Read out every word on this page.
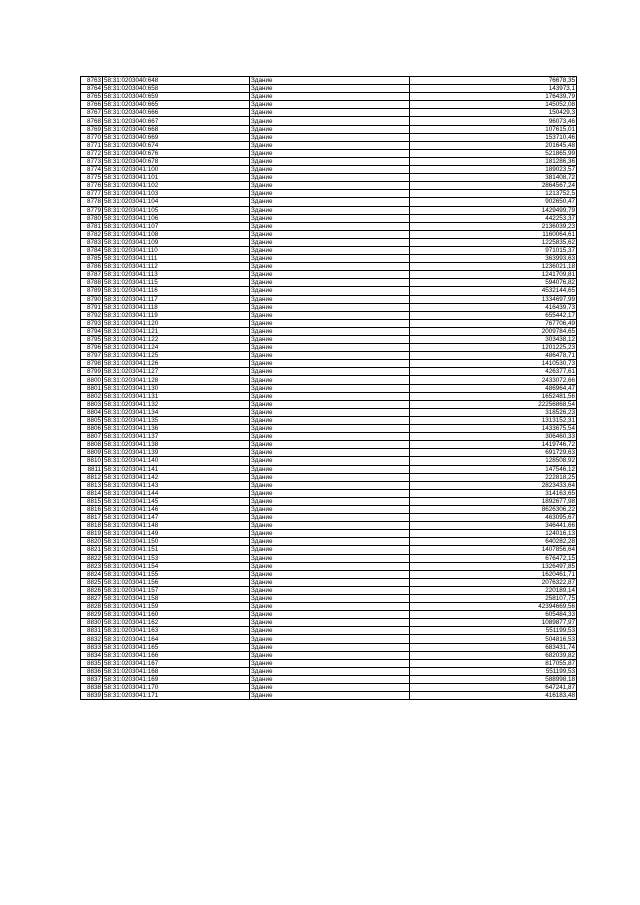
8763	58:31:0203040:648	Здание	76678,35
8764	58:31:0203040:658	Здание	143973,1
8765	58:31:0203040:659	Здание	176439,79
8766	58:31:0203040:665	Здание	145052,08
8767	58:31:0203040:666	Здание	150429,3
8768	58:31:0203040:667	Здание	96073,46
8769	58:31:0203040:668	Здание	107615,01
8770	58:31:0203040:669	Здание	153710,46
8771	58:31:0203040:674	Здание	201645,48
8772	58:31:0203040:676	Здание	521865,99
8773	58:31:0203040:678	Здание	181286,36
8774	58:31:0203041:100	Здание	189023,57
8775	58:31:0203041:101	Здание	381408,72
8776	58:31:0203041:102	Здание	2864567,24
8777	58:31:0203041:103	Здание	1213752,5
8778	58:31:0203041:104	Здание	902650,47
8779	58:31:0203041:105	Здание	1429499,79
8780	58:31:0203041:106	Здание	442253,37
8781	58:31:0203041:107	Здание	2136039,23
8782	58:31:0203041:108	Здание	1160064,61
8783	58:31:0203041:109	Здание	1225835,62
8784	58:31:0203041:110	Здание	971015,37
8785	58:31:0203041:111	Здание	363993,63
8786	58:31:0203041:112	Здание	1236021,18
8787	58:31:0203041:113	Здание	1241709,81
8788	58:31:0203041:115	Здание	594076,82
8789	58:31:0203041:116	Здание	4532144,65
8790	58:31:0203041:117	Здание	1334697,99
8791	58:31:0203041:118	Здание	416439,73
8792	58:31:0203041:119	Здание	655442,17
8793	58:31:0203041:120	Здание	767706,49
8794	58:31:0203041:121	Здание	2009784,65
8795	58:31:0203041:122	Здание	303438,12
8796	58:31:0203041:124	Здание	1201225,23
8797	58:31:0203041:125	Здание	486478,71
8798	58:31:0203041:126	Здание	1410530,73
8799	58:31:0203041:127	Здание	426377,61
8800	58:31:0203041:128	Здание	2433072,66
8801	58:31:0203041:130	Здание	486964,47
8802	58:31:0203041:131	Здание	1652481,56
8803	58:31:0203041:132	Здание	22256868,54
8804	58:31:0203041:134	Здание	318526,23
8805	58:31:0203041:135	Здание	1313152,31
8806	58:31:0203041:136	Здание	1433675,54
8807	58:31:0203041:137	Здание	306460,33
8808	58:31:0203041:138	Здание	1419746,72
8809	58:31:0203041:139	Здание	691729,63
8810	58:31:0203041:140	Здание	128508,92
8811	58:31:0203041:141	Здание	147546,12
8812	58:31:0203041:142	Здание	222818,25
8813	58:31:0203041:143	Здание	2823433,64
8814	58:31:0203041:144	Здание	314163,65
8815	58:31:0203041:145	Здание	1892677,98
8816	58:31:0203041:146	Здание	8626306,22
8817	58:31:0203041:147	Здание	463095,67
8818	58:31:0203041:148	Здание	346441,66
8819	58:31:0203041:149	Здание	124016,13
8820	58:31:0203041:150	Здание	640282,28
8821	58:31:0203041:151	Здание	1407856,64
8822	58:31:0203041:153	Здание	676472,15
8823	58:31:0203041:154	Здание	1326497,85
8824	58:31:0203041:155	Здание	1620461,71
8825	58:31:0203041:156	Здание	2076322,87
8826	58:31:0203041:157	Здание	220189,14
8827	58:31:0203041:158	Здание	258107,75
8828	58:31:0203041:159	Здание	42394669,56
8829	58:31:0203041:160	Здание	605484,33
8830	58:31:0203041:162	Здание	1089877,97
8831	58:31:0203041:163	Здание	551199,53
8832	58:31:0203041:164	Здание	504816,53
8833	58:31:0203041:165	Здание	683431,74
8834	58:31:0203041:166	Здание	682039,82
8835	58:31:0203041:167	Здание	817055,87
8836	58:31:0203041:168	Здание	551199,53
8837	58:31:0203041:169	Здание	588998,18
8838	58:31:0203041:170	Здание	647241,87
8839	58:31:0203041:171	Здание	416183,48
